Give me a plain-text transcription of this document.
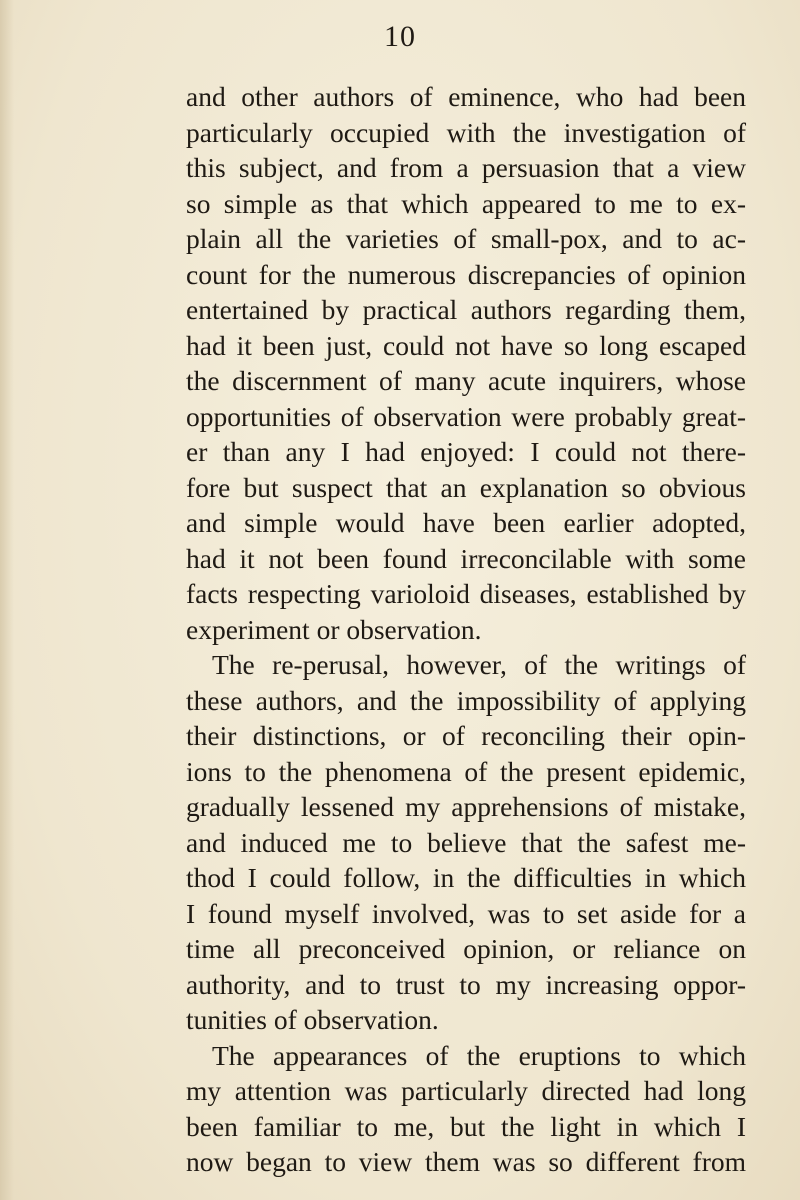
10
and other authors of eminence, who had been
particularly occupied with the investigation of
this subject, and from a persuasion that a view
so simple as that which appeared to me to ex-
plain all the varieties of small-pox, and to ac-
count for the numerous discrepancies of opinion
entertained by practical authors regarding them,
had it been just, could not have so long escaped
the discernment of many acute inquirers, whose
opportunities of observation were probably great-
er than any I had enjoyed: I could not there-
fore but suspect that an explanation so obvious
and simple would have been earlier adopted,
had it not been found irreconcilable with some
facts respecting varioloid diseases, established by
experiment or observation.
The re-perusal, however, of the writings of
these authors, and the impossibility of applying
their distinctions, or of reconciling their opin-
ions to the phenomena of the present epidemic,
gradually lessened my apprehensions of mistake,
and induced me to believe that the safest me-
thod I could follow, in the difficulties in which
I found myself involved, was to set aside for a
time all preconceived opinion, or reliance on
authority, and to trust to my increasing oppor-
tunities of observation.
The appearances of the eruptions to which
my attention was particularly directed had long
been familiar to me, but the light in which I
now began to view them was so different from
